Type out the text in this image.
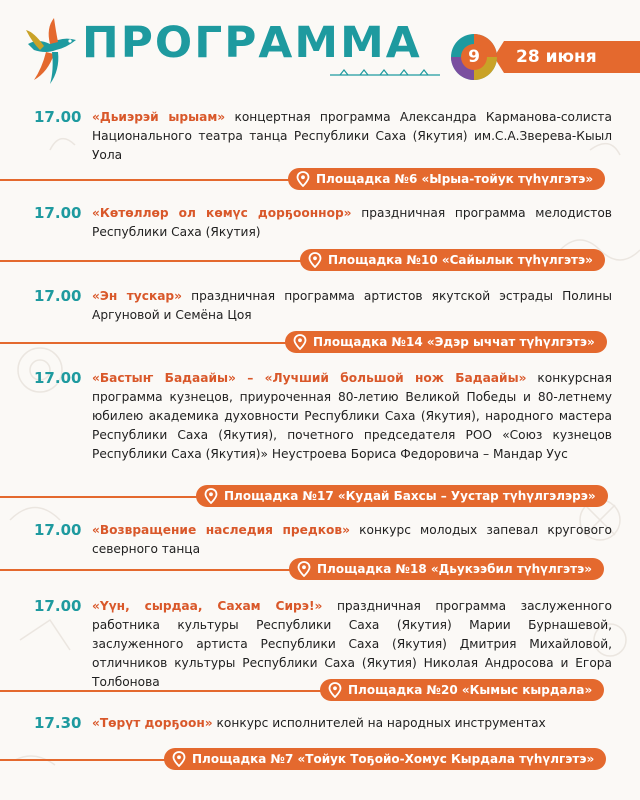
ПРОГРАММА	9	28 июня
17.00 «Дьиэрэй ырыам» концертная программа Александра Карманова-солиста Национального театра танца Республики Саха (Якутия) им.С.А.Зверева-Кыыл Уола
Площадка №6 «Ырыа-тойук түһүлгэтэ»
17.00 «Көтөллөр ол көмүс дорҕооннор» праздничная программа мелодистов Республики Саха (Якутия)
Площадка №10 «Сайылык түһүлгэтэ»
17.00 «Эн тускар» праздничная программа артистов якутской эстрады Полины Аргуновой и Семёна Цоя
Площадка №14 «Эдэр ыччат түһүлгэтэ»
17.00 «Бастыҥ Бадаайы» – «Лучший большой нож Бадаайы» конкурсная программа кузнецов, приуроченная 80-летию Великой Победы и 80-летнему юбилею академика духовности Республики Саха (Якутия), народного мастера Республики Саха (Якутия), почетного председателя РОО «Союз кузнецов Республики Саха (Якутия)» Неустроева Бориса Федоровича – Мандар Уус
Площадка №17 «Кудай Бахсы – Уустар түһүлгэлэрэ»
17.00 «Возвращение наследия предков» конкурс молодых запевал кругового северного танца
Площадка №18 «Дьукээбил түһүлгэтэ»
17.00 «Үүн, сырдаа, Сахам Сирэ!» праздничная программа заслуженного работника культуры Республики Саха (Якутия) Марии Бурнашевой, заслуженного артиста Республики Саха (Якутия) Дмитрия Михайловой, отличников культуры Республики Саха (Якутия) Николая Андросова и Егора Толбонова
Площадка №20 «Кымыс кырдала»
17.30 «Төрүт дорҕоон» конкурс исполнителей на народных инструментах
Площадка №7 «Тойук Тоҕойо-Хомус Кырдала түһүлгэтэ»
